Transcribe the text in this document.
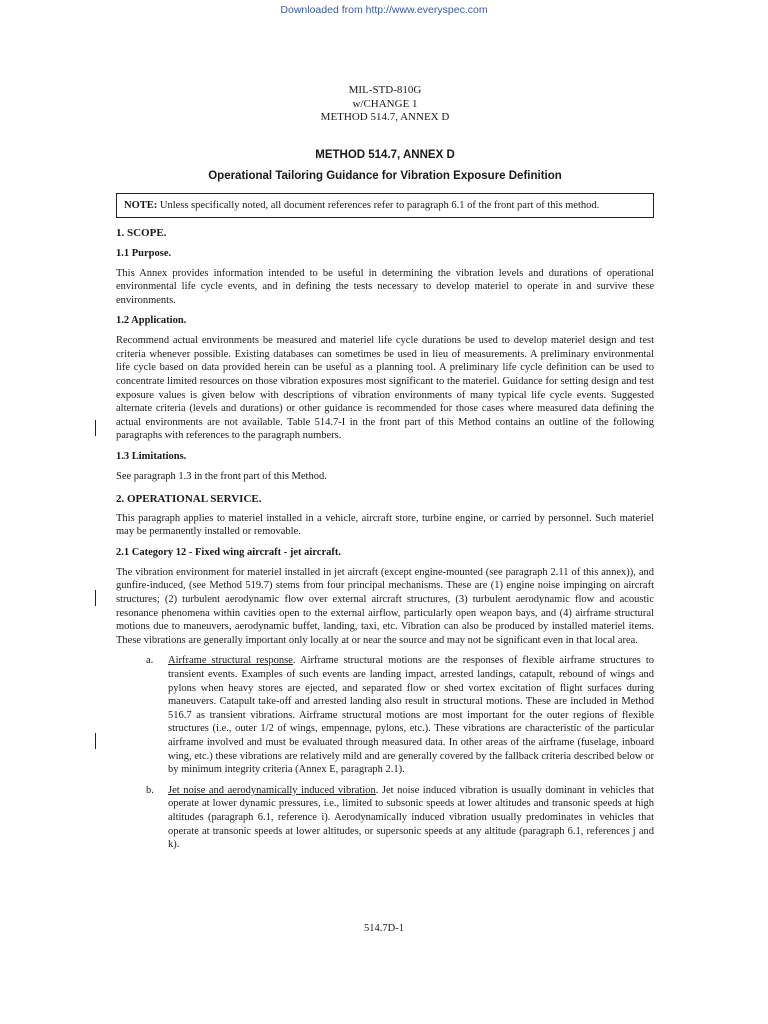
Downloaded from http://www.everyspec.com
MIL-STD-810G
w/CHANGE 1
METHOD 514.7, ANNEX D
METHOD 514.7, ANNEX D
Operational Tailoring Guidance for Vibration Exposure Definition
NOTE: Unless specifically noted, all document references refer to paragraph 6.1 of the front part of this method.
1. SCOPE.
1.1 Purpose.

This Annex provides information intended to be useful in determining the vibration levels and durations of operational environmental life cycle events, and in defining the tests necessary to develop materiel to operate in and survive these environments.

1.2 Application.

Recommend actual environments be measured and materiel life cycle durations be used to develop materiel design and test criteria whenever possible. Existing databases can sometimes be used in lieu of measurements. A preliminary environmental life cycle based on data provided herein can be useful as a planning tool. A preliminary life cycle definition can be used to concentrate limited resources on those vibration exposures most significant to the materiel. Guidance for setting design and test exposure values is given below with descriptions of vibration environments of many typical life cycle events. Suggested alternate criteria (levels and durations) or other guidance is recommended for those cases where measured data defining the actual environments are not available. Table 514.7-I in the front part of this Method contains an outline of the following paragraphs with references to the paragraph numbers.

1.3 Limitations.

See paragraph 1.3 in the front part of this Method.

2. OPERATIONAL SERVICE.

This paragraph applies to materiel installed in a vehicle, aircraft store, turbine engine, or carried by personnel. Such materiel may be permanently installed or removable.

2.1 Category 12 - Fixed wing aircraft - jet aircraft.

The vibration environment for materiel installed in jet aircraft (except engine-mounted (see paragraph 2.11 of this annex)), and gunfire-induced, (see Method 519.7) stems from four principal mechanisms. These are (1) engine noise impinging on aircraft structures; (2) turbulent aerodynamic flow over external aircraft structures, (3) turbulent aerodynamic flow and acoustic resonance phenomena within cavities open to the external airflow, particularly open weapon bays, and (4) airframe structural motions due to maneuvers, aerodynamic buffet, landing, taxi, etc. Vibration can also be produced by installed materiel items. These vibrations are generally important only locally at or near the source and may not be significant even in that local area.

a. Airframe structural response. Airframe structural motions are the responses of flexible airframe structures to transient events. Examples of such events are landing impact, arrested landings, catapult, rebound of wings and pylons when heavy stores are ejected, and separated flow or shed vortex excitation of flight surfaces during maneuvers. Catapult take-off and arrested landing also result in structural motions. These are included in Method 516.7 as transient vibrations. Airframe structural motions are most important for the outer regions of flexible structures (i.e., outer 1/2 of wings, empennage, pylons, etc.). These vibrations are characteristic of the particular airframe involved and must be evaluated through measured data. In other areas of the airframe (fuselage, inboard wing, etc.) these vibrations are relatively mild and are generally covered by the fallback criteria described below or by minimum integrity criteria (Annex E, paragraph 2.1).
b. Jet noise and aerodynamically induced vibration. Jet noise induced vibration is usually dominant in vehicles that operate at lower dynamic pressures, i.e., limited to subsonic speeds at lower altitudes and transonic speeds at high altitudes (paragraph 6.1, reference i). Aerodynamically induced vibration usually predominates in vehicles that operate at transonic speeds at lower altitudes, or supersonic speeds at any altitude (paragraph 6.1, references j and k).
514.7D-1
